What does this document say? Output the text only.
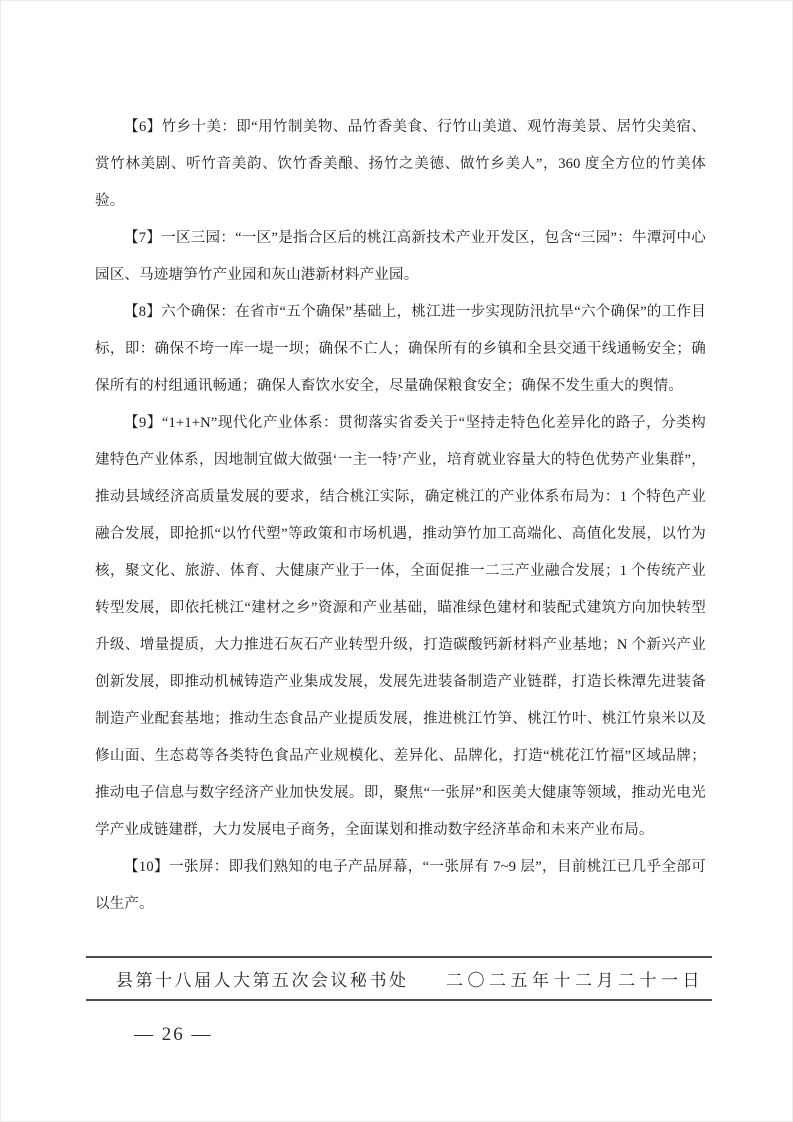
【6】竹乡十美：即“用竹制美物、品竹香美食、行竹山美道、观竹海美景、居竹尖美宿、赏竹林美剧、听竹音美韵、饮竹香美酿、扬竹之美德、做竹乡美人”，360 度全方位的竹美体验。

【7】一区三园：“一区”是指合区后的桃江高新技术产业开发区，包含“三园”：牛潭河中心园区、马迹塘笋竹产业园和灰山港新材料产业园。

【8】六个确保：在省市“五个确保”基础上，桃江进一步实现防汛抗旱“六个确保”的工作目标，即：确保不垮一库一堤一坝；确保不亡人；确保所有的乡镇和全县交通干线通畅安全；确保所有的村组通讯畅通；确保人畜饮水安全，尽量确保粮食安全；确保不发生重大的舆情。

【9】“1+1+N”现代化产业体系：贯彻落实省委关于“坚持走特色化差异化的路子，分类构建特色产业体系，因地制宜做大做强‘一主一特’产业，培育就业容量大的特色优势产业集群”，推动县域经济高质量发展的要求，结合桃江实际，确定桃江的产业体系布局为：1 个特色产业融合发展，即抢抓“以竹代塑”等政策和市场机遇，推动笋竹加工高端化、高值化发展，以竹为核，聚文化、旅游、体育、大健康产业于一体，全面促推一二三产业融合发展；1 个传统产业转型发展，即依托桃江“建材之乡”资源和产业基础，瞄准绿色建材和装配式建筑方向加快转型升级、增量提质，大力推进石灰石产业转型升级，打造碳酸钙新材料产业基地；N 个新兴产业创新发展，即推动机械铸造产业集成发展，发展先进装备制造产业链群，打造长株潭先进装备制造产业配套基地；推动生态食品产业提质发展，推进桃江竹笋、桃江竹叶、桃江竹泉米以及修山面、生态葛等各类特色食品产业规模化、差异化、品牌化，打造“桃花江竹福”区域品牌；推动电子信息与数字经济产业加快发展。即，聚焦“一张屏”和医美大健康等领域，推动光电光学产业成链建群，大力发展电子商务，全面谋划和推动数字经济革命和未来产业布局。

【10】一张屏：即我们熟知的电子产品屏幕，“一张屏有 7~9 层”，目前桃江已几乎全部可以生产。

县第十八届人大第五次会议秘书处 二〇二五年十二月二十一日
— 26 —
